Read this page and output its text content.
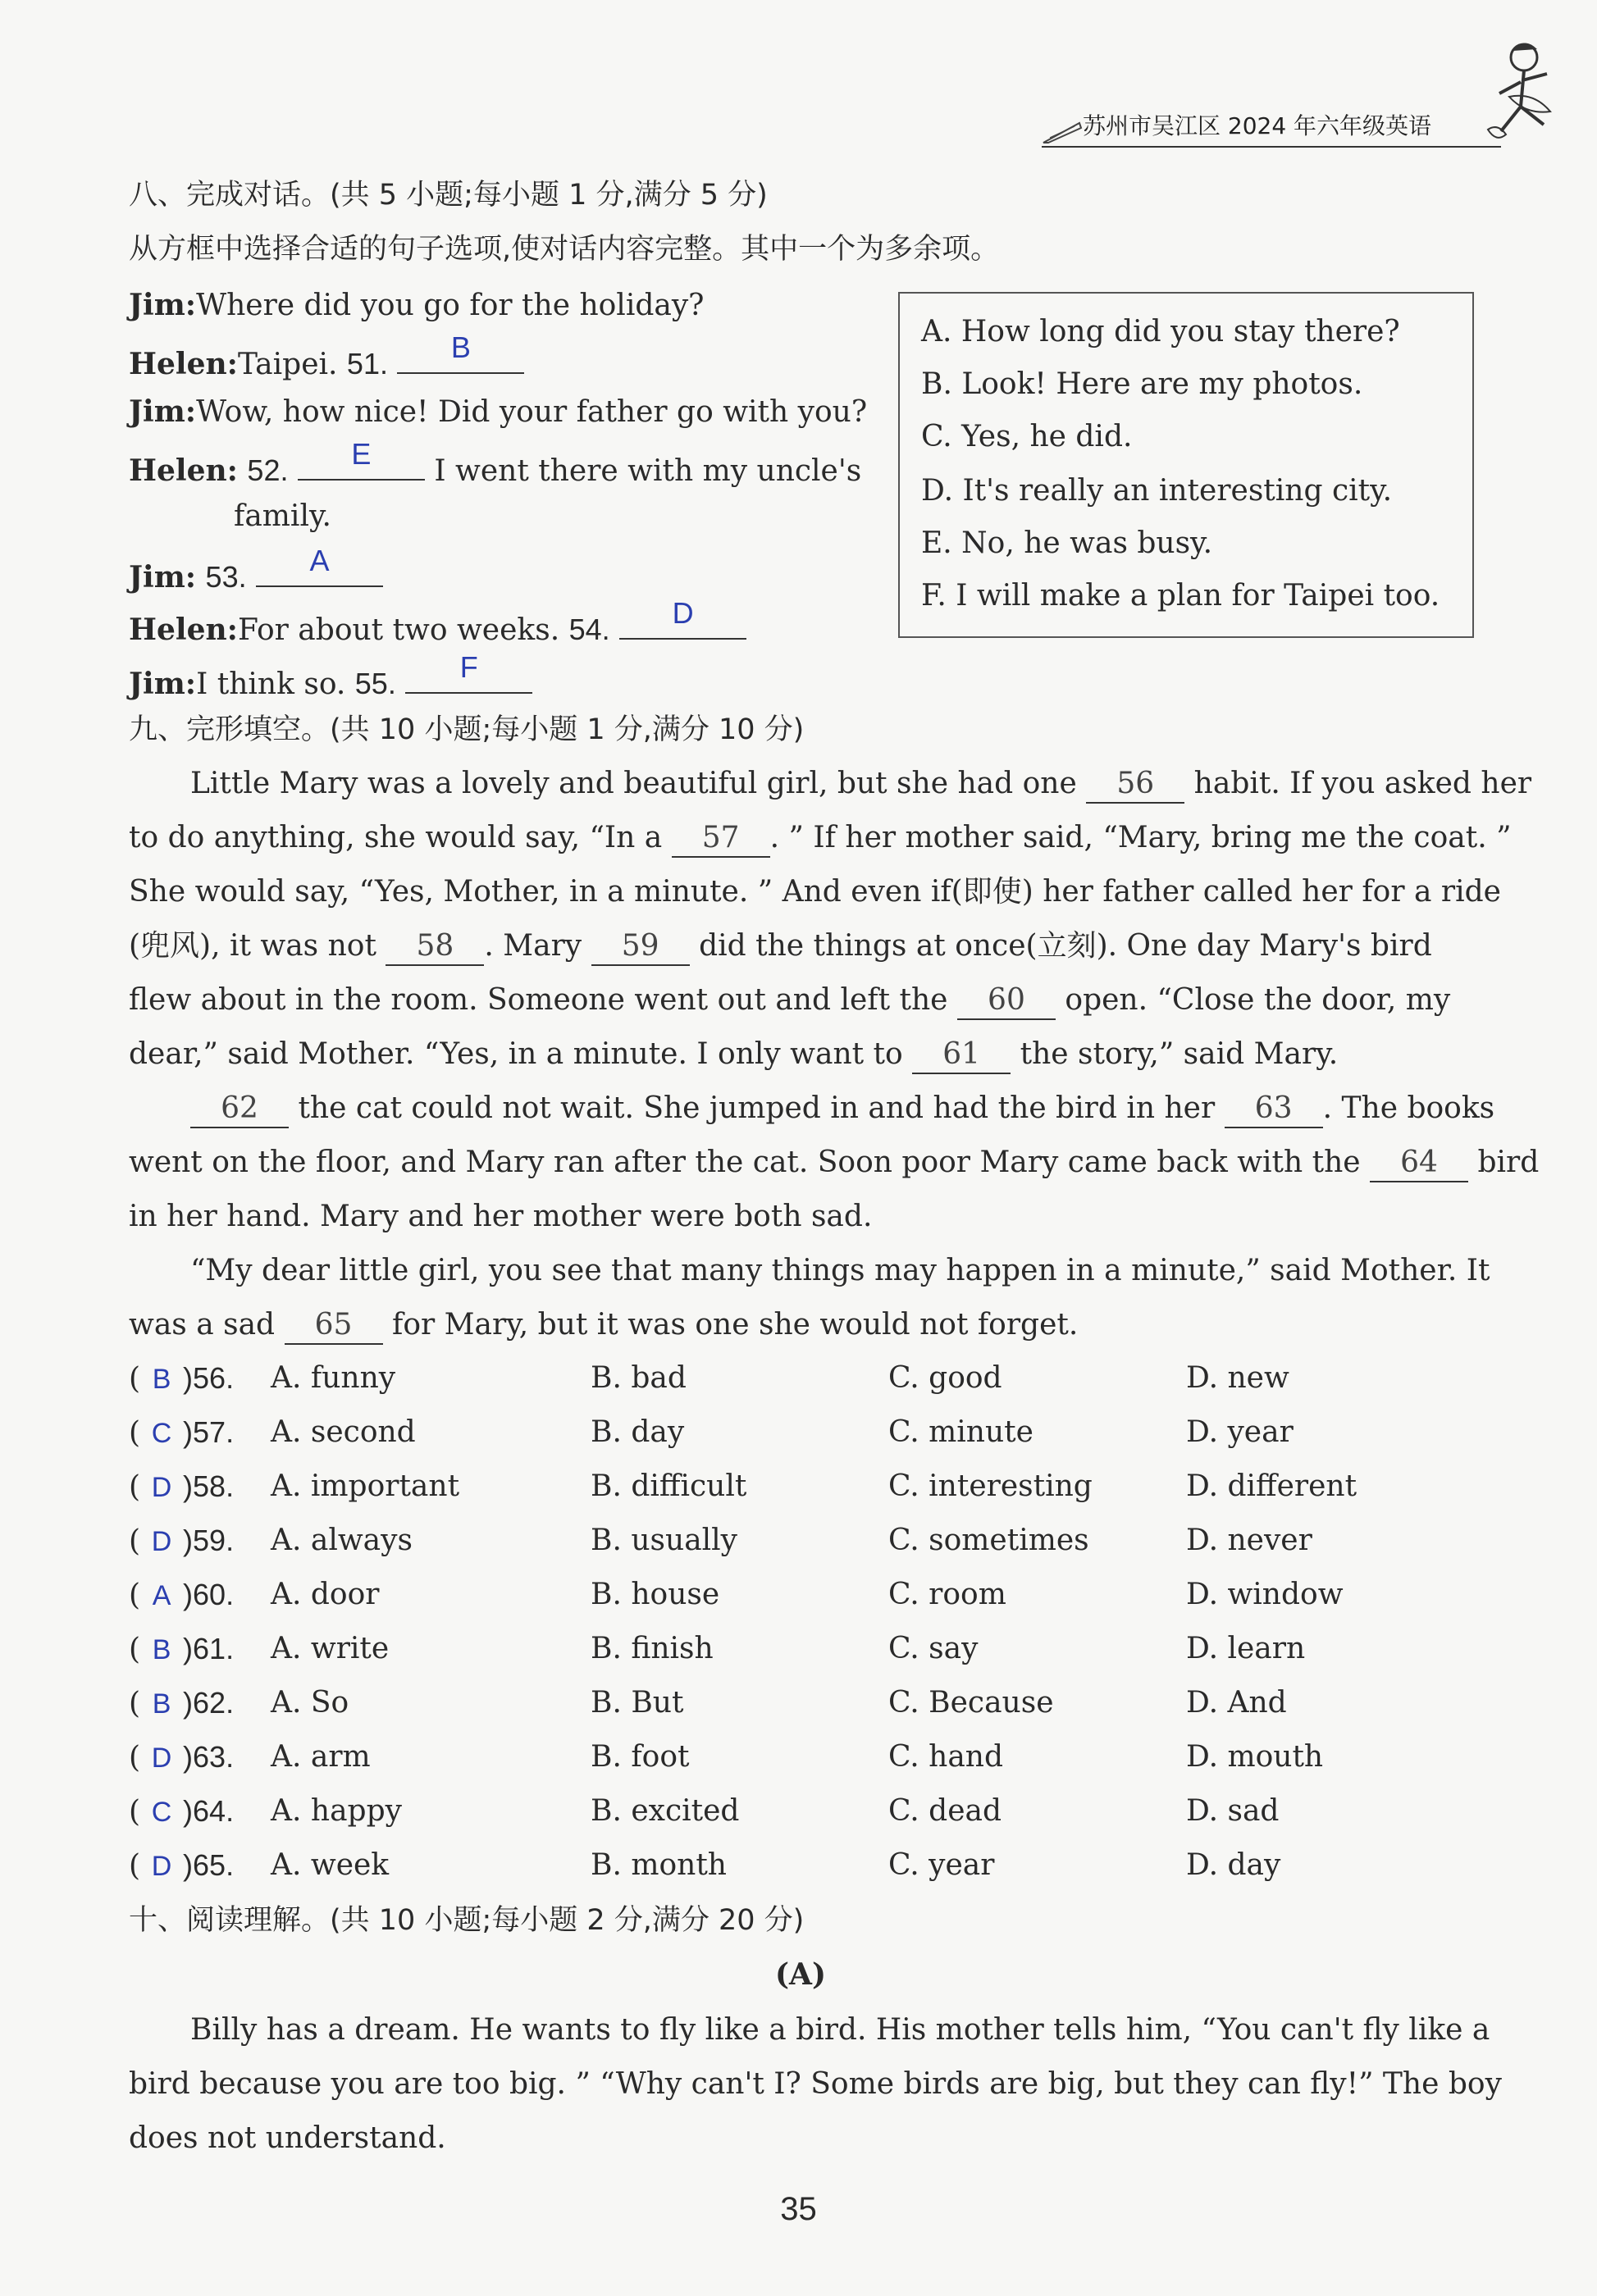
苏州市吴江区 2024 年六年级英语
八、完成对话。(共 5 小题;每小题 1 分,满分 5 分)
从方框中选择合适的句子选项,使对话内容完整。其中一个为多余项。
Jim:Where did you go for the holiday?
Helen:Taipei. 51.	B
Jim:Wow, how nice! Did your father go with you?
Helen: 52.	E
I went there with my uncle's
family.
Jim: 53.	A
Helen:For about two weeks. 54.	D
Jim:I think so. 55.	F
A. How long did you stay there?
B. Look! Here are my photos.
C. Yes, he did.
D. It's really an interesting city.
E. No, he was busy.
F. I will make a plan for Taipei too.
九、完形填空。(共 10 小题;每小题 1 分,满分 10 分)
Little Mary was a lovely and beautiful girl, but she had one 56 habit. If you asked her
to do anything, she would say, “In a 57 . ” If her mother said, “Mary, bring me the coat. ”
She would say, “Yes, Mother, in a minute. ” And even if(即使) her father called her for a ride
(兜风), it was not 58 . Mary 59 did the things at once(立刻). One day Mary's bird
flew about in the room. Someone went out and left the 60 open. “Close the door, my
dear,” said Mother. “Yes, in a minute. I only want to 61 the story,” said Mary.
62 the cat could not wait. She jumped in and had the bird in her 63 . The books
went on the floor, and Mary ran after the cat. Soon poor Mary came back with the 64 bird
in her hand. Mary and her mother were both sad.
“My dear little girl, you see that many things may happen in a minute,” said Mother. It
was a sad 65 for Mary, but it was one she would not forget.
( B )56. A. funny	B. bad	C. good	D. new
( C )57. A. second	B. day	C. minute	D. year
( D )58. A. important	B. difficult	C. interesting	D. different
( D )59. A. always	B. usually	C. sometimes	D. never
( A )60. A. door	B. house	C. room	D. window
( B )61. A. write	B. finish	C. say	D. learn
( B )62. A. So	B. But	C. Because	D. And
( D )63. A. arm	B. foot	C. hand	D. mouth
( C )64. A. happy	B. excited	C. dead	D. sad
( D )65. A. week	B. month	C. year	D. day
十、阅读理解。(共 10 小题;每小题 2 分,满分 20 分)
(A)
Billy has a dream. He wants to fly like a bird. His mother tells him, “You can't fly like a
bird because you are too big. ” “Why can't I? Some birds are big, but they can fly!” The boy
does not understand.
35
